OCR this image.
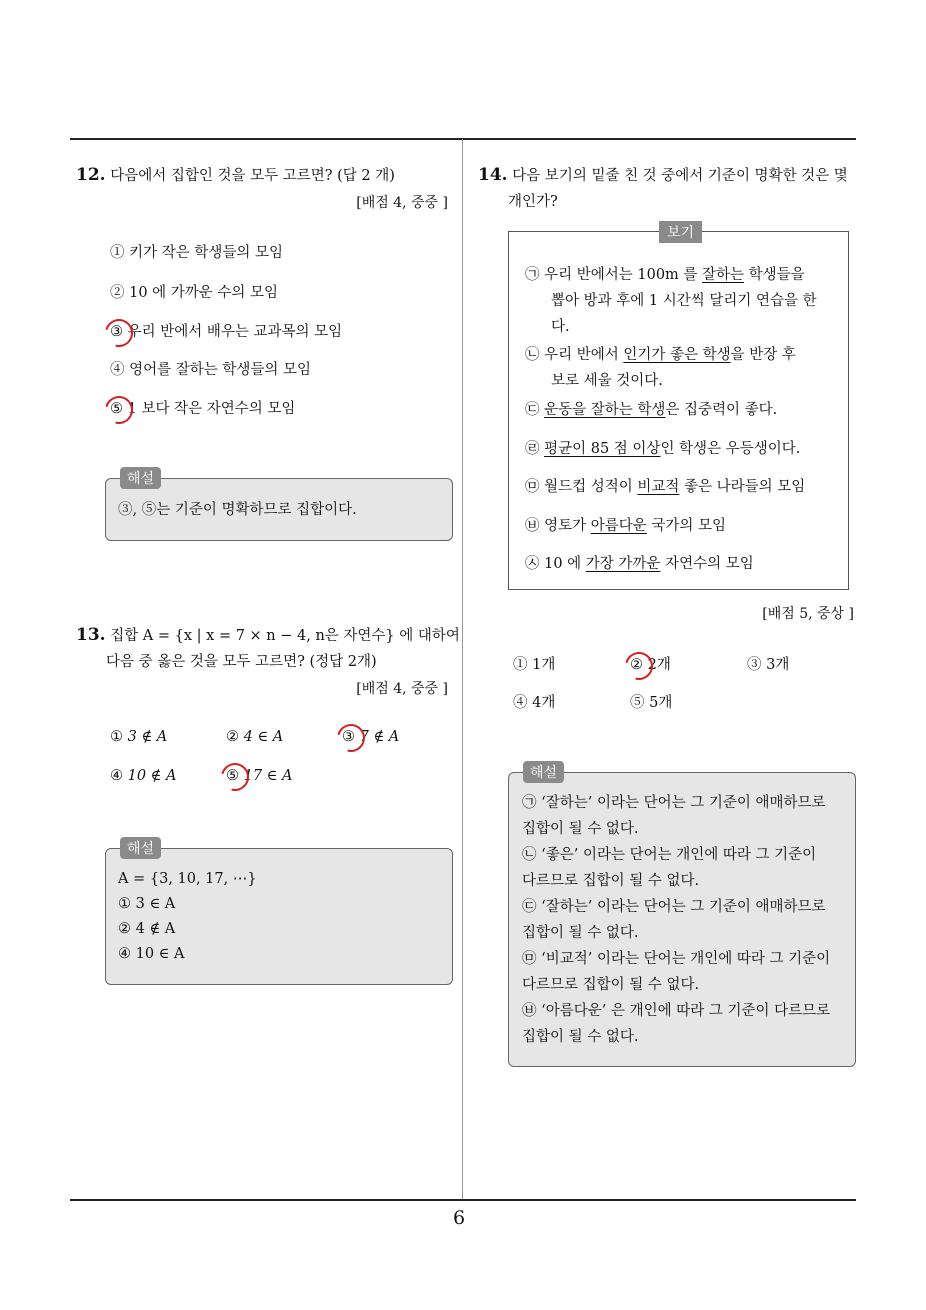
12. 다음에서 집합인 것을 모두 고르면? (답 2 개)
[배점 4, 중중 ]
① 키가 작은 학생들의 모임
② 10 에 가까운 수의 모임
③ 우리 반에서 배우는 교과목의 모임
④ 영어를 잘하는 학생들의 모임
⑤ 1 보다 작은 자연수의 모임
해설
③, ⑤는 기준이 명확하므로 집합이다.
13. 집합 A = {x | x = 7 × n − 4, n은 자연수} 에 대하여
다음 중 옳은 것을 모두 고르면? (정답 2개)
[배점 4, 중중 ]
① 3 ∉ A	② 4 ∈ A	③ 7 ∉ A
④ 10 ∉ A	⑤ 17 ∈ A
해설
A = {3, 10, 17, ⋯}
① 3 ∈ A
② 4 ∉ A
④ 10 ∈ A
14. 다음 보기의 밑줄 친 것 중에서 기준이 명확한 것은 몇
개인가?
보기
㉠ 우리 반에서는 100m 를 잘하는 학생들을
뽑아 방과 후에 1 시간씩 달리기 연습을 한
다.
㉡ 우리 반에서 인기가 좋은 학생을 반장 후
보로 세울 것이다.
㉢ 운동을 잘하는 학생은 집중력이 좋다.
㉣ 평균이 85 점 이상인 학생은 우등생이다.
㉤ 월드컵 성적이 비교적 좋은 나라들의 모임
㉥ 영토가 아름다운 국가의 모임
㉦ 10 에 가장 가까운 자연수의 모임
[배점 5, 중상 ]
① 1개	② 2개	③ 3개
④ 4개	⑤ 5개
해설
㉠ ‘잘하는’ 이라는 단어는 그 기준이 애매하므로
집합이 될 수 없다.
㉡ ‘좋은’ 이라는 단어는 개인에 따라 그 기준이
다르므로 집합이 될 수 없다.
㉢ ‘잘하는’ 이라는 단어는 그 기준이 애매하므로
집합이 될 수 없다.
㉤ ‘비교적’ 이라는 단어는 개인에 따라 그 기준이
다르므로 집합이 될 수 없다.
㉥ ‘아름다운’ 은 개인에 따라 그 기준이 다르므로
집합이 될 수 없다.
6
